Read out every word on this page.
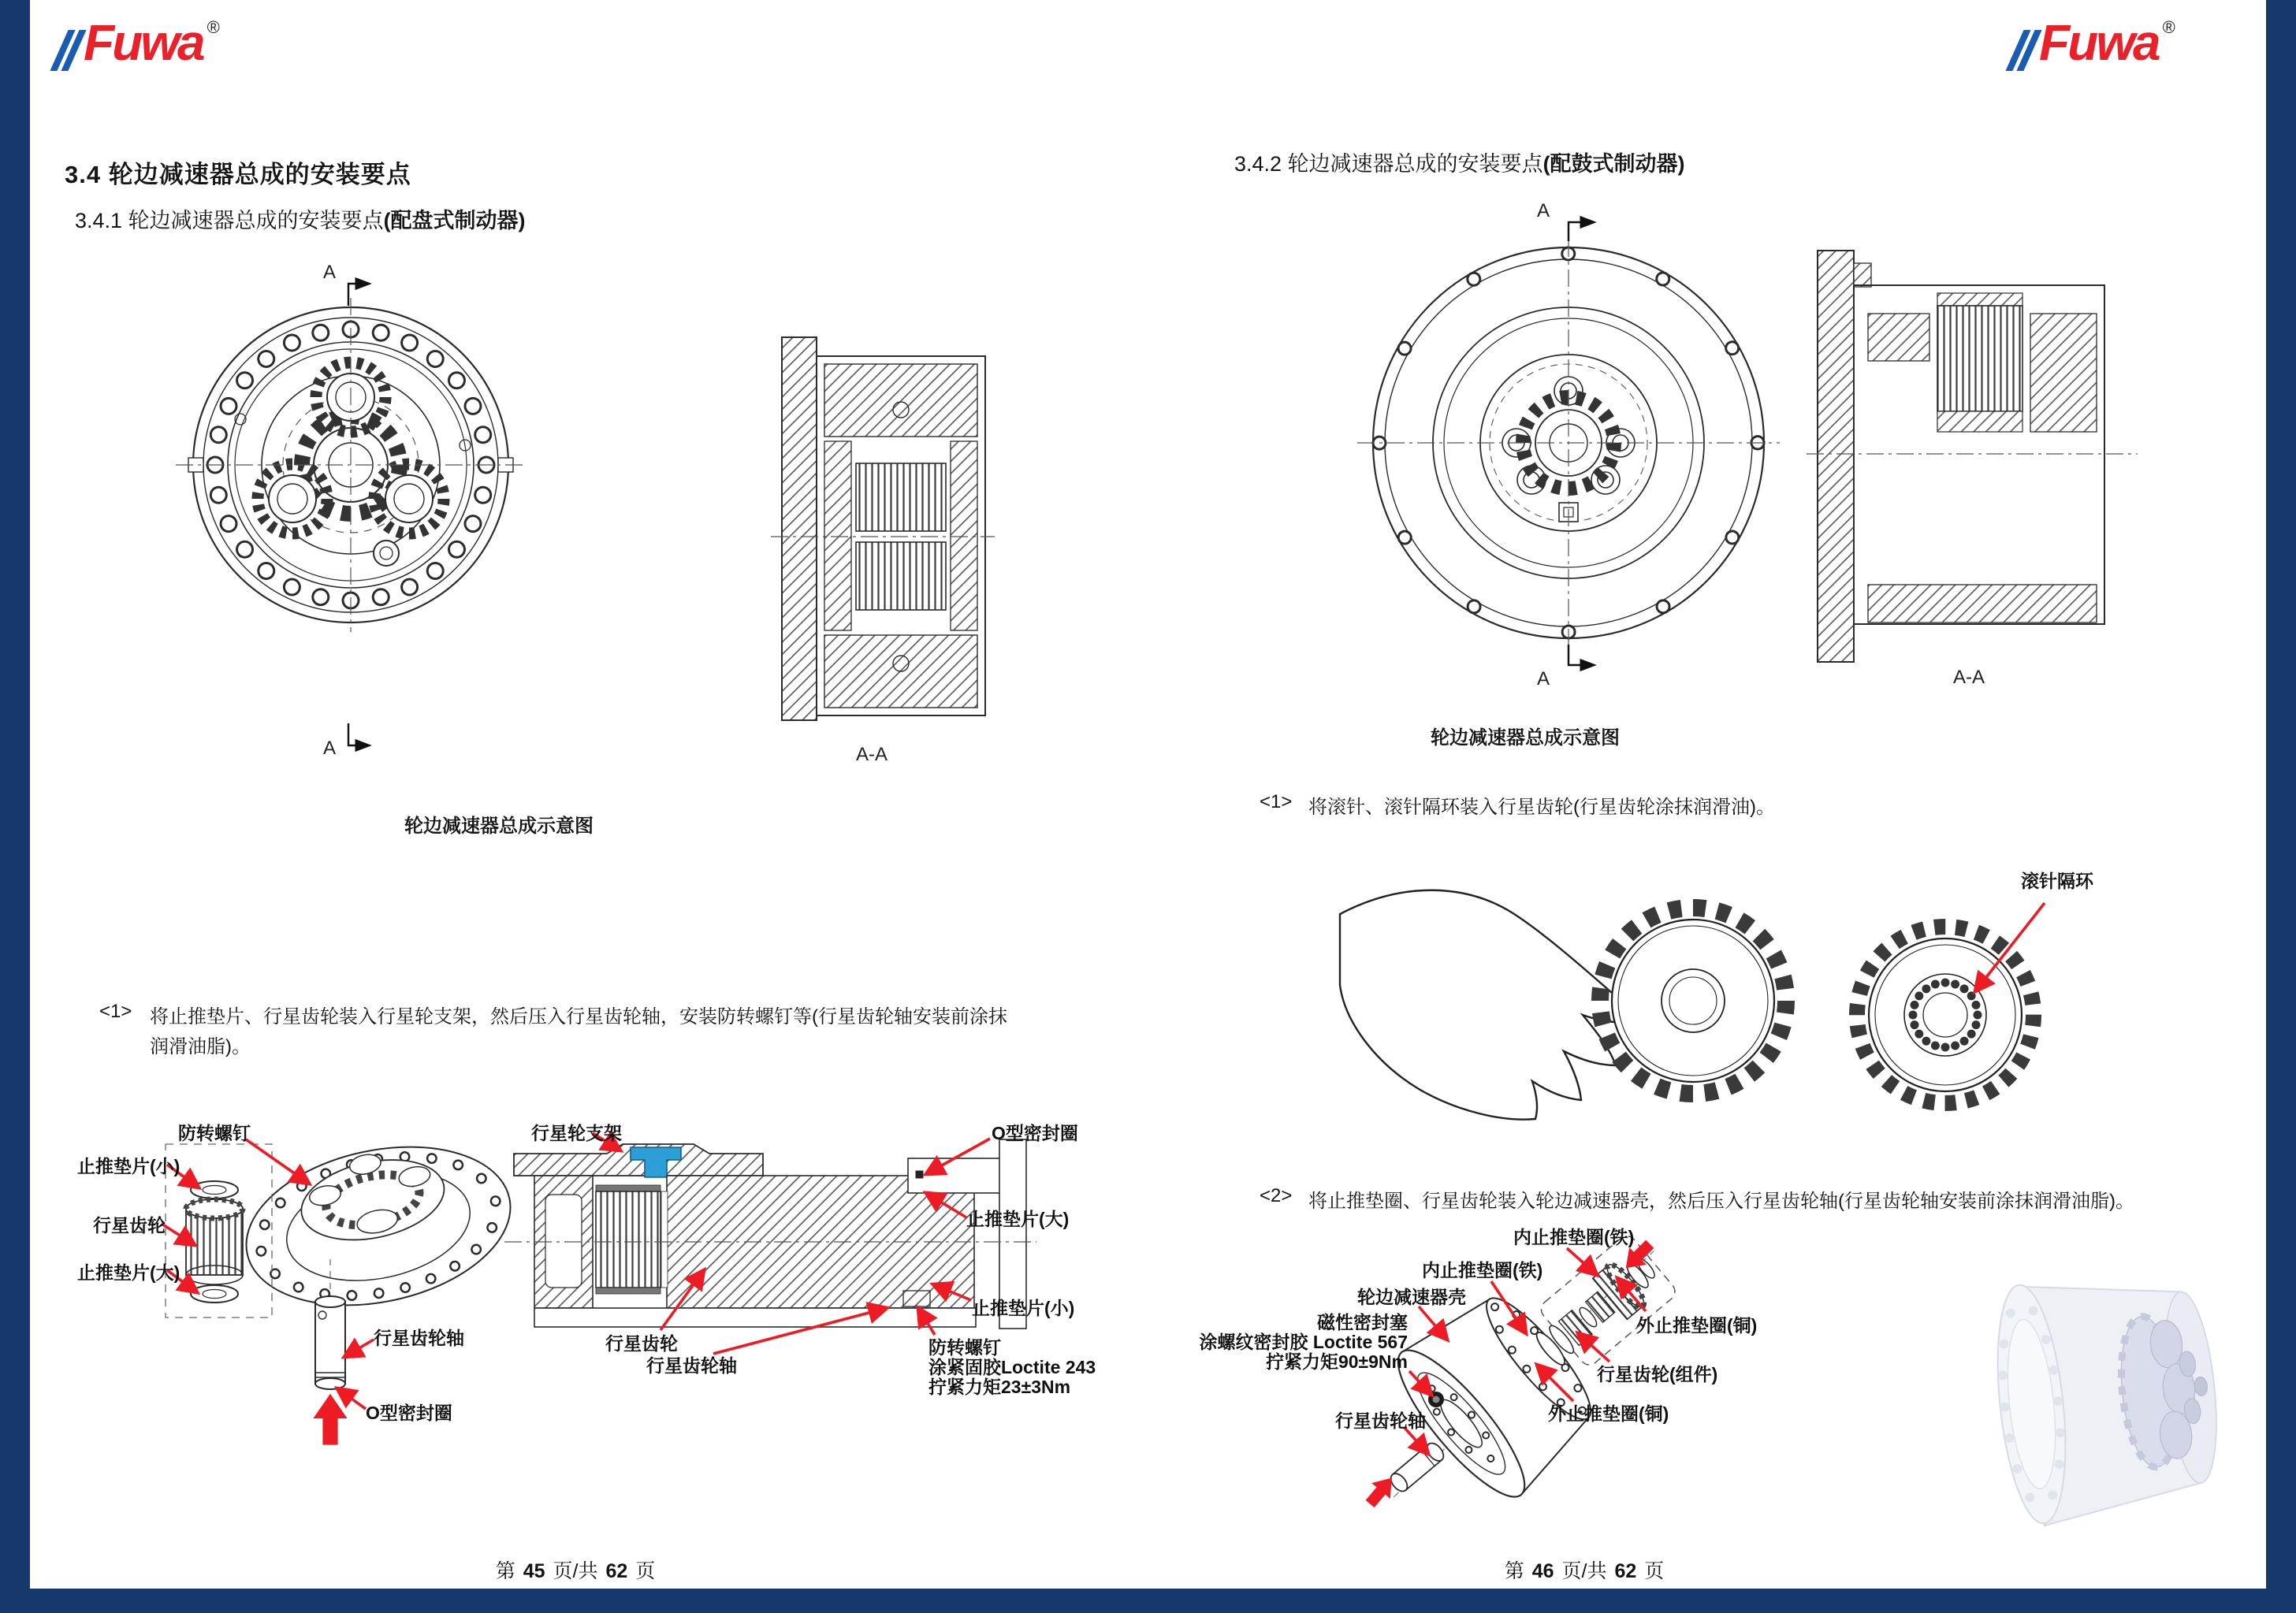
Fuwa ®	Fuwa ®
3.4 轮边减速器总成的安装要点
3.4.1 轮边减速器总成的安装要点(配盘式制动器)
A
A	A-A
轮边减速器总成示意图
<1> 将止推垫片、行星齿轮装入行星轮支架，然后压入行星齿轮轴，安装防转螺钉等(行星齿轮轴安装前涂抹
润滑油脂)。
防转螺钉
止推垫片(小)
行星齿轮
止推垫片(大)
行星齿轮轴
O型密封圈
行星轮支架	O型密封圈
止推垫片(大)
止推垫片(小)
行星齿轮
行星齿轮轴
防转螺钉
涂紧固胶Loctite 243
拧紧力矩23±3Nm
第 45 页/共 62 页
3.4.2 轮边减速器总成的安装要点(配鼓式制动器)
A
A	A-A
轮边减速器总成示意图
<1> 将滚针、滚针隔环装入行星齿轮(行星齿轮涂抹润滑油)。
滚针隔环
<2> 将止推垫圈、行星齿轮装入轮边减速器壳，然后压入行星齿轮轴(行星齿轮轴安装前涂抹润滑油脂)。
内止推垫圈(铁)
内止推垫圈(铁)
轮边减速器壳
磁性密封塞
涂螺纹密封胶 Loctite 567
拧紧力矩90±9Nm
行星齿轮轴
外止推垫圈(铜)
行星齿轮(组件)
外止推垫圈(铜)
第 46 页/共 62 页
